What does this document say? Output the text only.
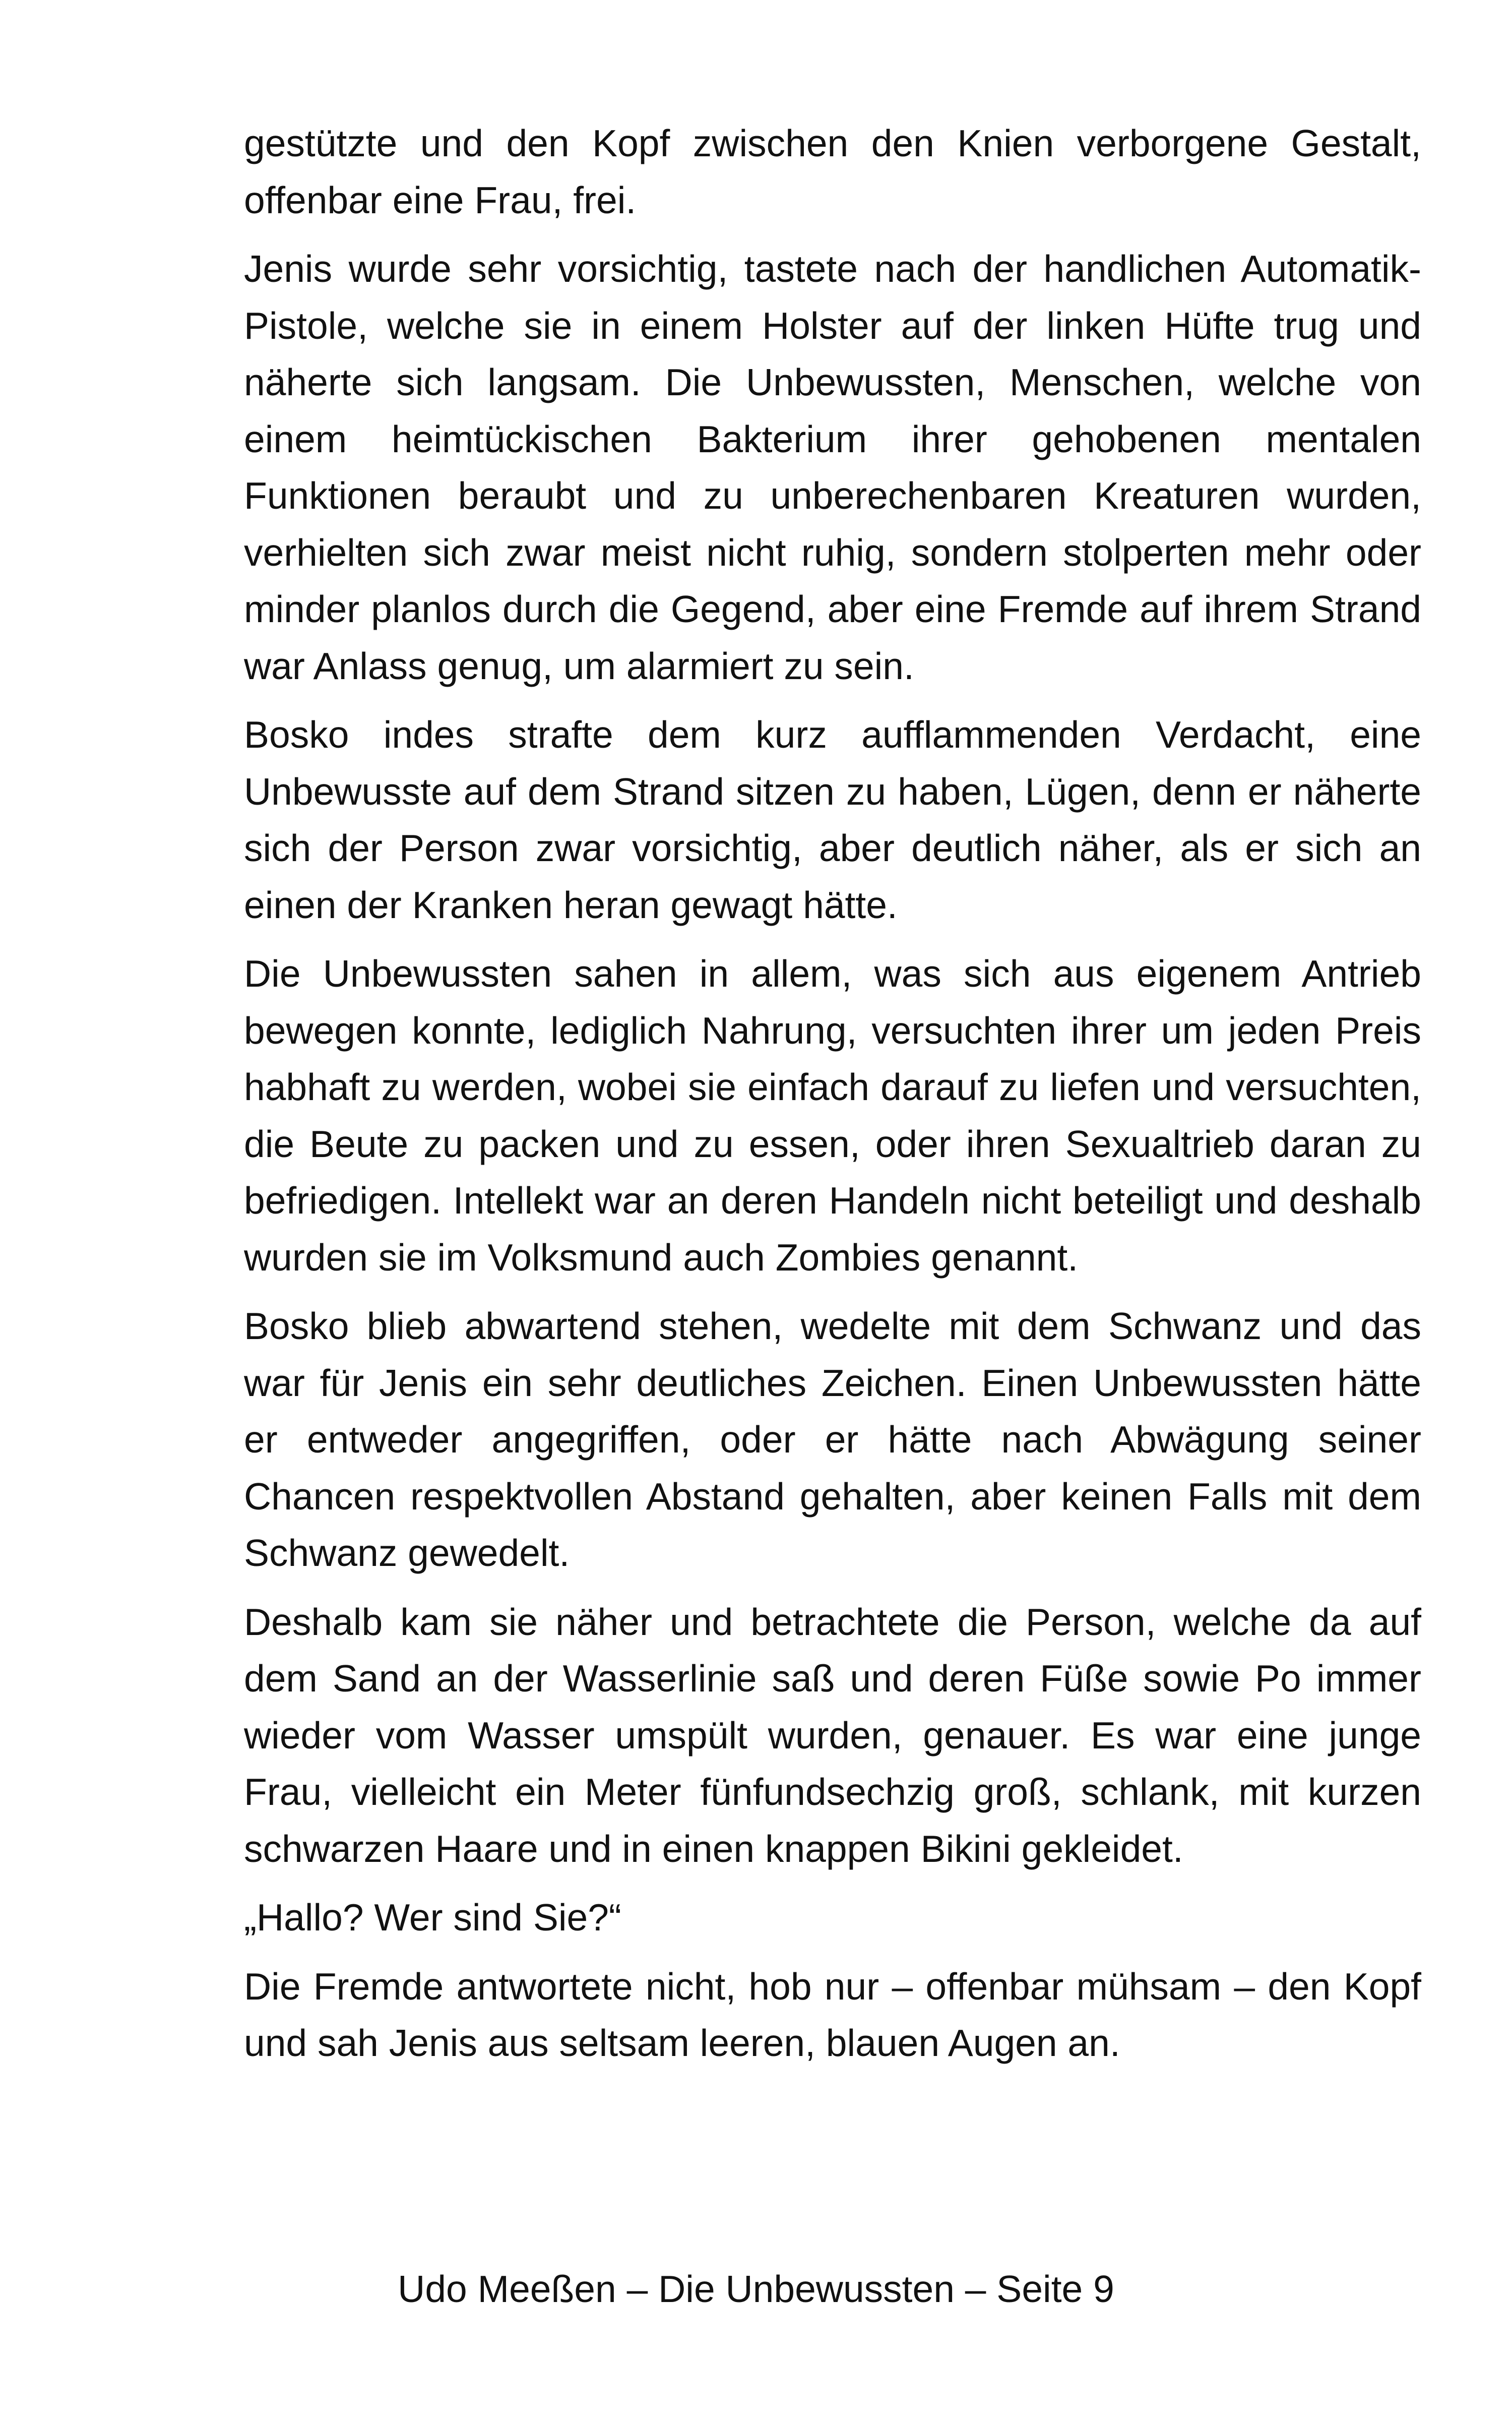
gestützte und den Kopf zwischen den Knien verborgene Gestalt, offenbar eine Frau, frei.

Jenis wurde sehr vorsichtig, tastete nach der handlichen Automatik-Pistole, welche sie in einem Holster auf der linken Hüfte trug und näherte sich langsam. Die Unbewussten, Menschen, welche von einem heimtückischen Bakterium ihrer gehobenen mentalen Funktionen beraubt und zu unberechenbaren Kreaturen wurden, verhielten sich zwar meist nicht ruhig, sondern stolperten mehr oder minder planlos durch die Gegend, aber eine Fremde auf ihrem Strand war Anlass genug, um alarmiert zu sein.

Bosko indes strafte dem kurz aufflammenden Verdacht, eine Unbewusste auf dem Strand sitzen zu haben, Lügen, denn er näherte sich der Person zwar vorsichtig, aber deutlich näher, als er sich an einen der Kranken heran gewagt hätte.

Die Unbewussten sahen in allem, was sich aus eigenem Antrieb bewegen konnte, lediglich Nahrung, versuchten ihrer um jeden Preis habhaft zu werden, wobei sie einfach darauf zu liefen und versuchten, die Beute zu packen und zu essen, oder ihren Sexualtrieb daran zu befriedigen. Intellekt war an deren Handeln nicht beteiligt und deshalb wurden sie im Volksmund auch Zombies genannt.

Bosko blieb abwartend stehen, wedelte mit dem Schwanz und das war für Jenis ein sehr deutliches Zeichen. Einen Unbewussten hätte er entweder angegriffen, oder er hätte nach Abwägung seiner Chancen respektvollen Abstand gehalten, aber keinen Falls mit dem Schwanz gewedelt.

Deshalb kam sie näher und betrachtete die Person, welche da auf dem Sand an der Wasserlinie saß und deren Füße sowie Po immer wieder vom Wasser umspült wurden, genauer. Es war eine junge Frau, vielleicht ein Meter fünfundsechzig groß, schlank, mit kurzen schwarzen Haare und in einen knappen Bikini gekleidet.

„Hallo? Wer sind Sie?“

Die Fremde antwortete nicht, hob nur – offenbar mühsam – den Kopf und sah Jenis aus seltsam leeren, blauen Augen an.

Udo Meeßen – Die Unbewussten – Seite 9
